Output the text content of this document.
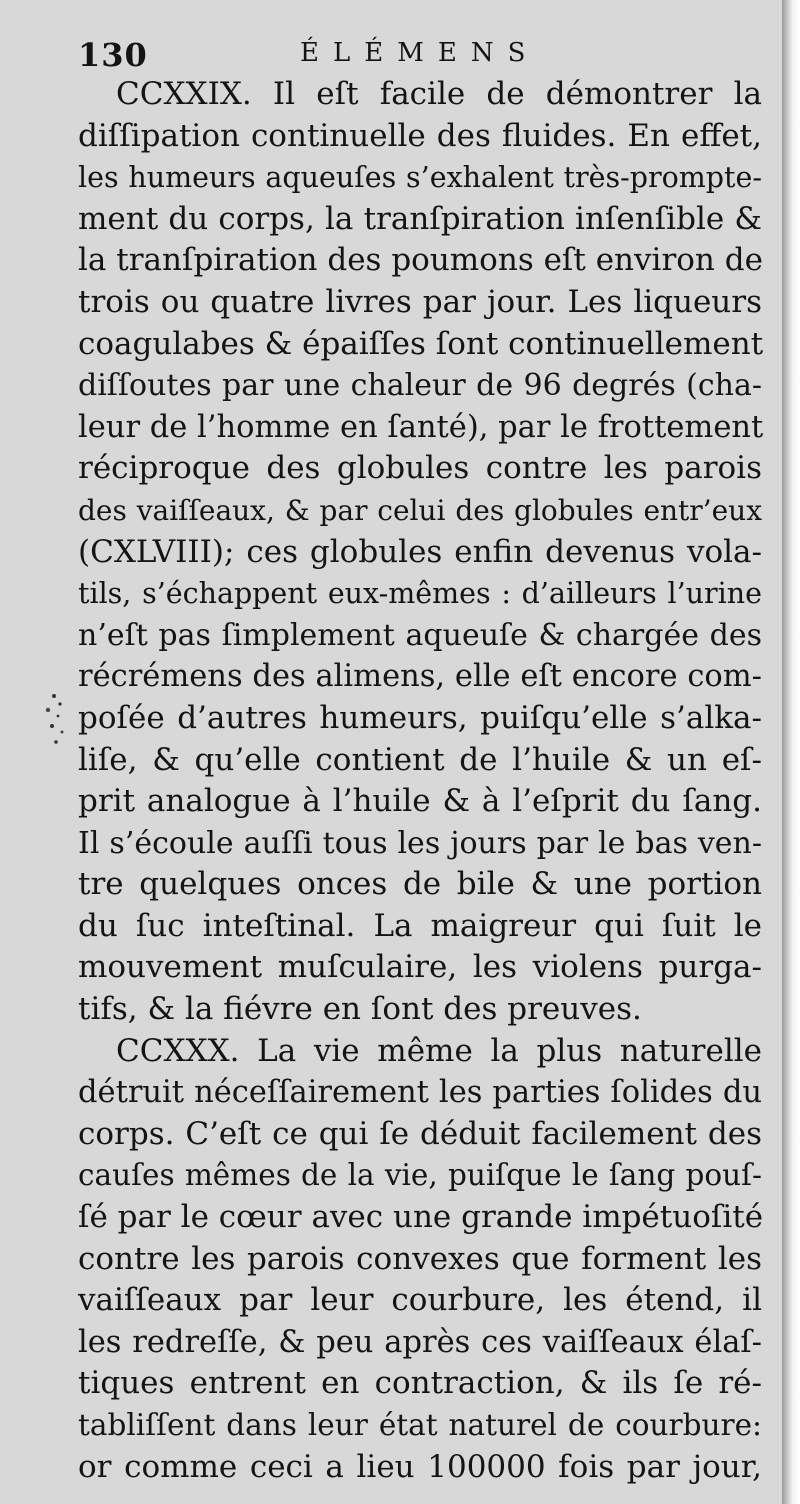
130	ÉLÉMENS
CCXXIX. Il eſt facile de démontrer la
diſſipation continuelle des fluides. En effet,
les humeurs aqueuſes s’exhalent très-prompte-
ment du corps, la tranſpiration inſenſible &
la tranſpiration des poumons eſt environ de
trois ou quatre livres par jour. Les liqueurs
coagulabes & épaiſſes ſont continuellement
diſſoutes par une chaleur de 96 degrés (cha-
leur de l’homme en ſanté), par le frottement
réciproque des globules contre les parois
des vaiſſeaux, & par celui des globules entr’eux
(CXLVIII); ces globules enfin devenus vola-
tils, s’échappent eux-mêmes : d’ailleurs l’urine
n’eſt pas ſimplement aqueuſe & chargée des
récrémens des alimens, elle eſt encore com-
poſée d’autres humeurs, puiſqu’elle s’alka-
liſe, & qu’elle contient de l’huile & un eſ-
prit analogue à l’huile & à l’eſprit du ſang.
Il s’écoule auſſi tous les jours par le bas ven-
tre quelques onces de bile & une portion
du ſuc inteſtinal. La maigreur qui ſuit le
mouvement muſculaire, les violens purga-
tifs, & la fiévre en ſont des preuves.
CCXXX. La vie même la plus naturelle
détruit néceſſairement les parties ſolides du
corps. C’eſt ce qui ſe déduit facilement des
cauſes mêmes de la vie, puiſque le ſang pouſ-
ſé par le cœur avec une grande impétuoſité
contre les parois convexes que forment les
vaiſſeaux par leur courbure, les étend, il
les redreſſe, & peu après ces vaiſſeaux élaſ-
tiques entrent en contraction, & ils ſe ré-
tabliſſent dans leur état naturel de courbure:
or comme ceci a lieu 100000 fois par jour,
